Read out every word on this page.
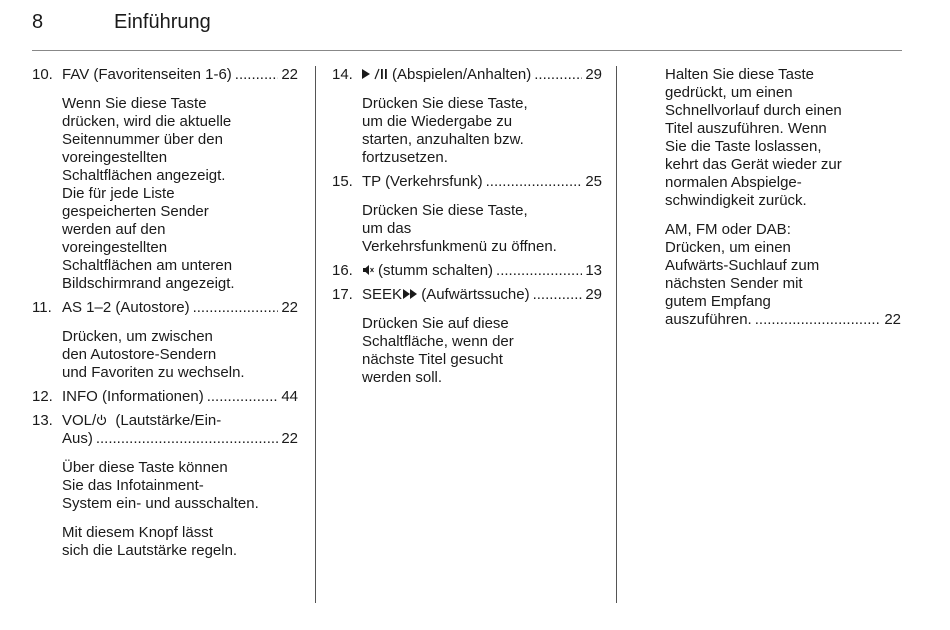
8	Einführung
10. FAV (Favoritenseiten 1-6) .....	22
Wenn Sie diese Taste
drücken, wird die aktuelle
Seitennummer über den
voreingestellten
Schaltflächen angezeigt.
Die für jede Liste
gespeicherten Sender
werden auf den
voreingestellten
Schaltflächen am unteren
Bildschirmrand angezeigt.
11. AS 1–2 (Autostore) .....	22
Drücken, um zwischen
den Autostore-Sendern
und Favoriten zu wechseln.
12. INFO (Informationen) .....	44
13. VOL/ (Lautstärke/Ein-
Aus) .....	22
Über diese Taste können
Sie das Infotainment-
System ein- und ausschalten.
Mit diesem Knopf lässt
sich die Lautstärke regeln.
14.	(Abspielen/Anhalten) .....	29
Drücken Sie diese Taste,
um die Wiedergabe zu
starten, anzuhalten bzw.
fortzusetzen.
15. TP (Verkehrsfunk) .....	25
Drücken Sie diese Taste,
um das
Verkehrsfunkmenü zu öffnen.
16.	(stumm schalten) .....	13
17. SEEK (Aufwärtssuche) .....	29
Drücken Sie auf diese
Schaltfläche, wenn der
nächste Titel gesucht
werden soll.
Halten Sie diese Taste
gedrückt, um einen
Schnellvorlauf durch einen
Titel auszuführen. Wenn
Sie die Taste loslassen,
kehrt das Gerät wieder zur
normalen Abspielge-
schwindigkeit zurück.
AM, FM oder DAB:
Drücken, um einen
Aufwärts-Suchlauf zum
nächsten Sender mit
gutem Empfang
auszuführen. .....	22
